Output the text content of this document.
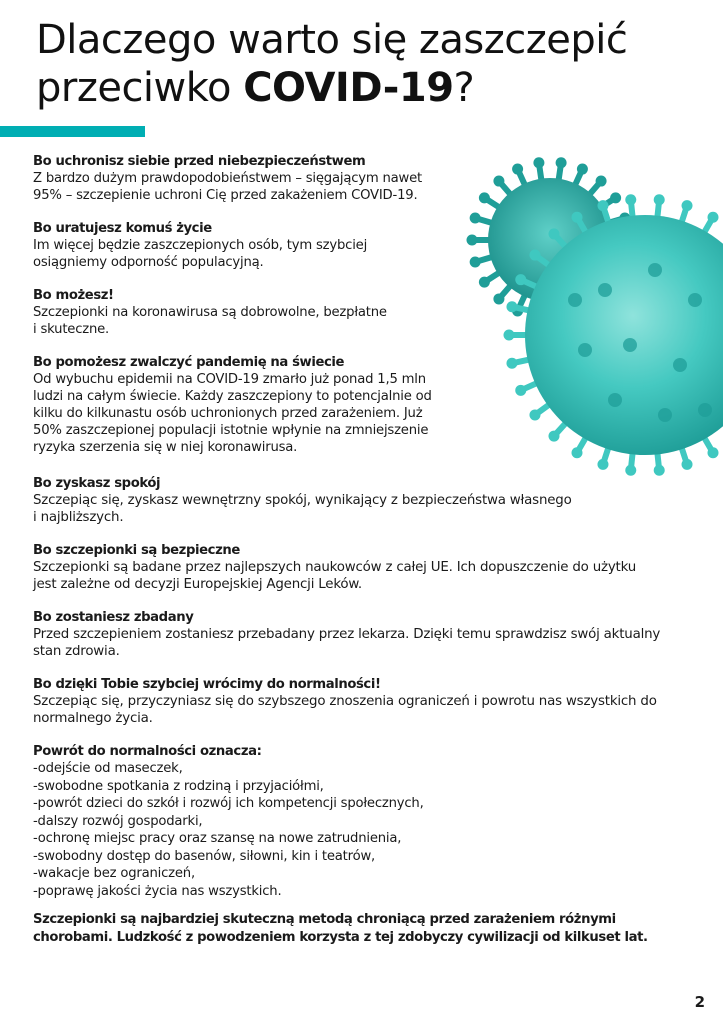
Dlaczego warto się zaszczepić
przeciwko COVID-19?
Bo uchronisz siebie przed niebezpieczeństwem

Z bardzo dużym prawdopodobieństwem – sięgającym nawet

95% – szczepienie uchroni Cię przed zakażeniem COVID-19.

Bo uratujesz komuś życie

Im więcej będzie zaszczepionych osób, tym szybciej

osiągniemy odporność populacyjną.

Bo możesz!

Szczepionki na koronawirusa są dobrowolne, bezpłatne

i skuteczne.

Bo pomożesz zwalczyć pandemię na świecie

Od wybuchu epidemii na COVID-19 zmarło już ponad 1,5 mln

ludzi na całym świecie. Każdy zaszczepiony to potencjalnie od

kilku do kilkunastu osób uchronionych przed zarażeniem. Już

50% zaszczepionej populacji istotnie wpłynie na zmniejszenie

ryzyka szerzenia się w niej koronawirusa.

Bo zyskasz spokój

Szczepiąc się, zyskasz wewnętrzny spokój, wynikający z bezpieczeństwa własnego

i najbliższych.

Bo szczepionki są bezpieczne

Szczepionki są badane przez najlepszych naukowców z całej UE. Ich dopuszczenie do użytku

jest zależne od decyzji Europejskiej Agencji Leków.

Bo zostaniesz zbadany

Przed szczepieniem zostaniesz przebadany przez lekarza. Dzięki temu sprawdzisz swój aktualny

stan zdrowia.

Bo dzięki Tobie szybciej wrócimy do normalności!

Szczepiąc się, przyczyniasz się do szybszego znoszenia ograniczeń i powrotu nas wszystkich do

normalnego życia.

Powrót do normalności oznacza:
-odejście od maseczek,
-swobodne spotkania z rodziną i przyjaciółmi,
-powrót dzieci do szkół i rozwój ich kompetencji społecznych,
-dalszy rozwój gospodarki,
-ochronę miejsc pracy oraz szansę na nowe zatrudnienia,
-swobodny dostęp do basenów, siłowni, kin i teatrów,
-wakacje bez ograniczeń,
-poprawę jakości życia nas wszystkich.

Szczepionki są najbardziej skuteczną metodą chroniącą przed zarażeniem różnymi
chorobami. Ludzkość z powodzeniem korzysta z tej zdobyczy cywilizacji od kilkuset lat.

2
